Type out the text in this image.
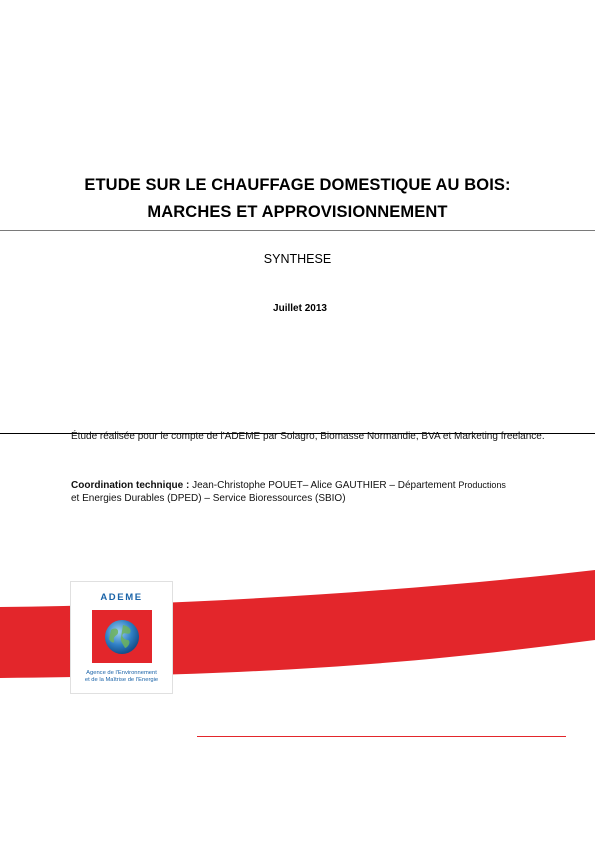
ETUDE SUR LE CHAUFFAGE DOMESTIQUE AU BOIS:
MARCHES ET APPROVISIONNEMENT
SYNTHESE
Juillet 2013
Étude réalisée pour le compte de l'ADEME par Solagro, Biomasse Normandie, BVA et Marketing freelance.
Coordination technique : Jean-Christophe POUET– Alice GAUTHIER – Département Productions
et Energies Durables (DPED) – Service Bioressources (SBIO)
ADEME
Agence de l'Environnement
et de la Maîtrise de l'Energie
